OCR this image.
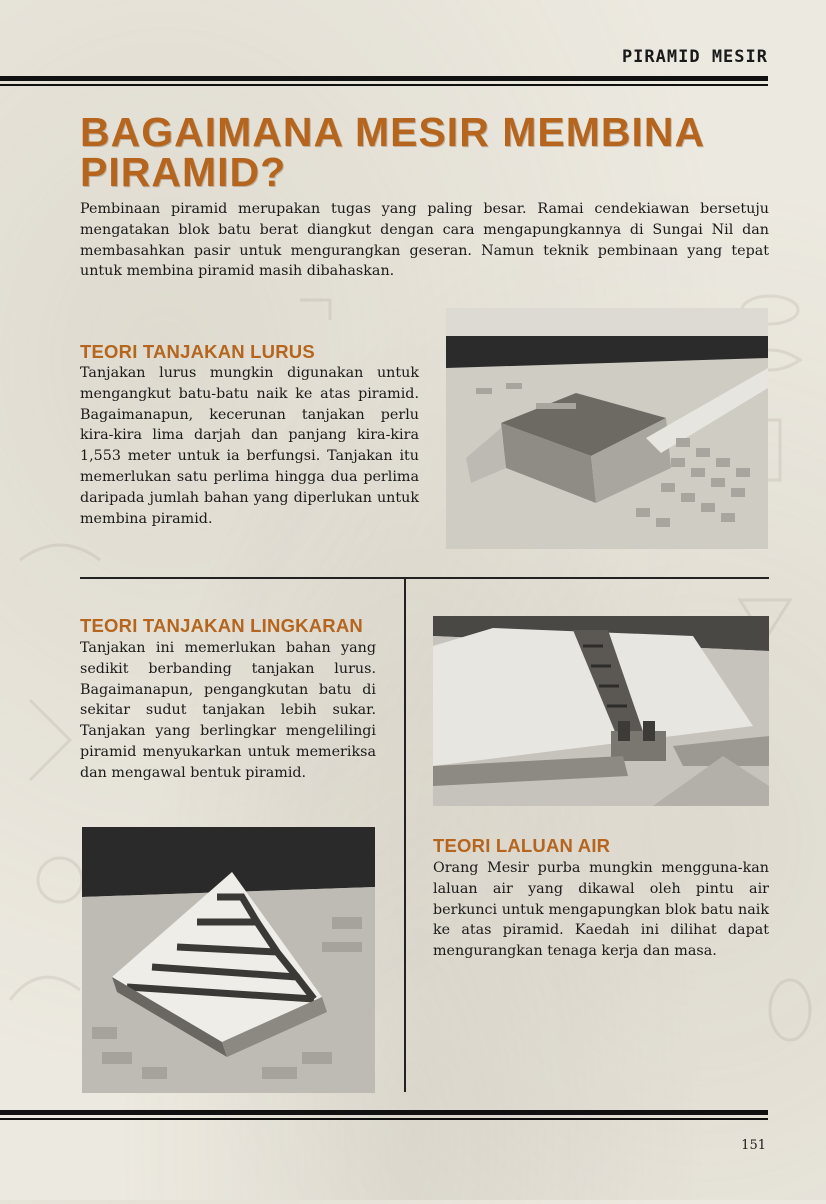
PIRAMID MESIR
BAGAIMANA MESIR MEMBINA PIRAMID?

Pembinaan piramid merupakan tugas yang paling besar. Ramai cendekiawan bersetuju mengatakan blok batu berat diangkut dengan cara mengapungkannya di Sungai Nil dan membasahkan pasir untuk mengurangkan geseran. Namun teknik pembinaan yang tepat untuk membina piramid masih dibahaskan.

TEORI TANJAKAN LURUS

Tanjakan lurus mungkin digunakan untuk mengangkut batu-batu naik ke atas piramid. Bagaimanapun, kecerunan tanjakan perlu kira-kira lima darjah dan panjang kira-kira 1,553 meter untuk ia berfungsi. Tanjakan itu memerlukan satu perlima hingga dua perlima daripada jumlah bahan yang diperlukan untuk membina piramid.

TEORI TANJAKAN LINGKARAN

Tanjakan ini memerlukan bahan yang sedikit berbanding tanjakan lurus. Bagaimanapun, pengangkutan batu di sekitar sudut tanjakan lebih sukar. Tanjakan yang berlingkar mengelilingi piramid menyukarkan untuk memeriksa dan mengawal bentuk piramid.

TEORI LALUAN AIR

Orang Mesir purba mungkin mengguna-kan laluan air yang dikawal oleh pintu air berkunci untuk mengapungkan blok batu naik ke atas piramid. Kaedah ini dilihat dapat mengurangkan tenaga kerja dan masa.

151
